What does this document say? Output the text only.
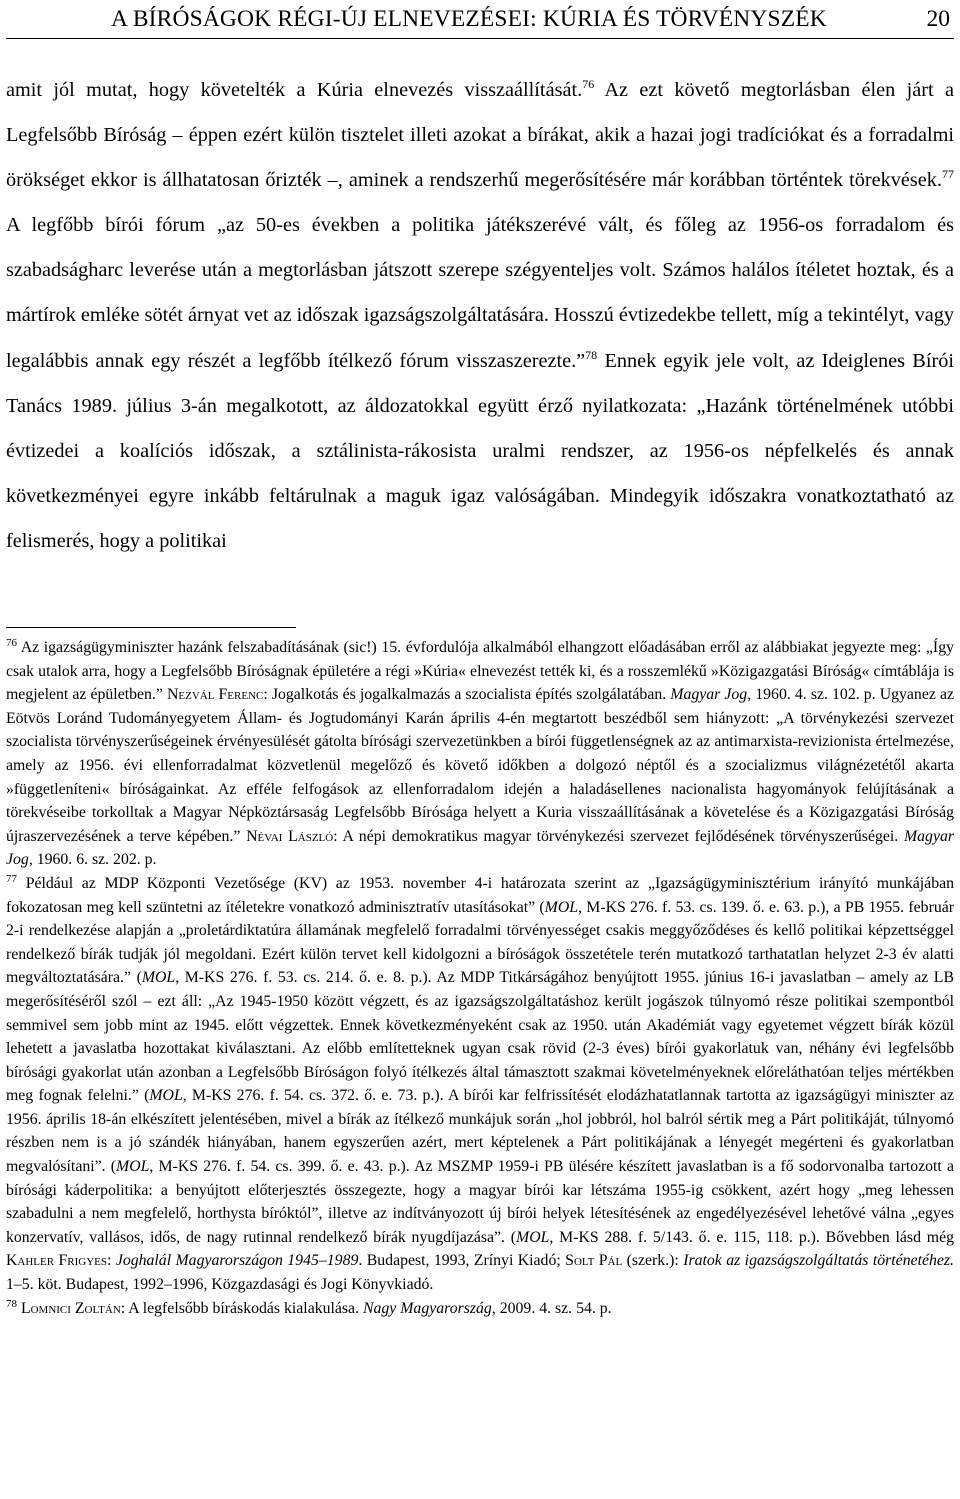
A BÍRÓSÁGOK RÉGI-ÚJ ELNEVEZÉSEI: KÚRIA ÉS TÖRVÉNYSZÉK	20

amit jól mutat, hogy követelték a Kúria elnevezés visszaállítását.$^{76}$ Az ezt követő megtorlásban élen járt a Legfelsőbb Bíróság – éppen ezért külön tisztelet illeti azokat a bírákat, akik a hazai jogi tradíciókat és a forradalmi örökséget ekkor is állhatatosan őrizték –, aminek a rendszerhű megerősítésére már korábban történtek törekvések.$^{77}$ A legfőbb bírói fórum „az 50-es években a politika játékszerévé vált, és főleg az 1956-os forradalom és szabadságharc leverése után a megtorlásban játszott szerepe szégyenteljes volt. Számos halálos ítéletet hoztak, és a mártírok emléke sötét árnyat vet az időszak igazságszolgáltatására. Hosszú évtizedekbe tellett, míg a tekintélyt, vagy legalábbis annak egy részét a legfőbb ítélkező fórum visszaszerezte.”$^{78}$ Ennek egyik jele volt, az Ideiglenes Bírói Tanács 1989. július 3-án megalkotott, az áldozatokkal együtt érző nyilatkozata: „Hazánk történelmének utóbbi évtizedei a koalíciós időszak, a sztálinista-rákosista uralmi rendszer, az 1956-os népfelkelés és annak következményei egyre inkább feltárulnak a maguk igaz valóságában. Mindegyik időszakra vonatkoztatható az felismerés, hogy a politikai

$^{76}$ Az igazságügyminiszter hazánk felszabadításának (sic!) 15. évfordulója alkalmából elhangzott előadásában erről az alábbiakat jegyezte meg: „Így csak utalok arra, hogy a Legfelsőbb Bíróságnak épületére a régi »Kúria« elnevezést tették ki, és a rosszemlékű »Közigazgatási Bíróság« címtáblája is megjelent az épületben.” Nezvál Ferenc: Jogalkotás és jogalkalmazás a szocialista építés szolgálatában. Magyar Jog, 1960. 4. sz. 102. p. Ugyanez az Eötvös Loránd Tudományegyetem Állam- és Jogtudományi Karán április 4-én megtartott beszédből sem hiányzott: „A törvénykezési szervezet szocialista törvényszerűségeinek érvényesülését gátolta bírósági szervezetünkben a bírói függetlenségnek az az antimarxista-revizionista értelmezése, amely az 1956. évi ellenforradalmat közvetlenül megelőző és követő időkben a dolgozó néptől és a szocializmus világnézetétől akarta »függetleníteni« bíróságainkat. Az efféle felfogások az ellenforradalom idején a haladásellenes nacionalista hagyományok felújításának a törekvéseibe torkolltak a Magyar Népköztársaság Legfelsőbb Bírósága helyett a Kuria visszaállításának a követelése és a Közigazgatási Bíróság újraszervezésének a terve képében.” Névai László: A népi demokratikus magyar törvénykezési szervezet fejlődésének törvényszerűségei. Magyar Jog, 1960. 6. sz. 202. p.

$^{77}$ Például az MDP Központi Vezetősége (KV) az 1953. november 4-i határozata szerint az „Igazságügyminisztérium irányító munkájában fokozatosan meg kell szüntetni az ítéletekre vonatkozó adminisztratív utasításokat” (MOL, M-KS 276. f. 53. cs. 139. ő. e. 63. p.), a PB 1955. február 2-i rendelkezése alapján a „proletárdiktatúra államának megfelelő forradalmi törvényességet csakis meggyőződéses és kellő politikai képzettséggel rendelkező bírák tudják jól megoldani. Ezért külön tervet kell kidolgozni a bíróságok összetétele terén mutatkozó tarthatatlan helyzet 2-3 év alatti megváltoztatására.” (MOL, M-KS 276. f. 53. cs. 214. ő. e. 8. p.). Az MDP Titkárságához benyújtott 1955. június 16-i javaslatban – amely az LB megerősítéséről szól – ezt áll: „Az 1945-1950 között végzett, és az igazságszolgáltatáshoz került jogászok túlnyomó része politikai szempontból semmivel sem jobb mint az 1945. előtt végzettek. Ennek következményeként csak az 1950. után Akadémiát vagy egyetemet végzett bírák közül lehetett a javaslatba hozottakat kiválasztani. Az előbb említetteknek ugyan csak rövid (2-3 éves) bírói gyakorlatuk van, néhány évi legfelsőbb bírósági gyakorlat után azonban a Legfelsőbb Bíróságon folyó ítélkezés által támasztott szakmai követelményeknek előreláthatóan teljes mértékben meg fognak felelni.” (MOL, M-KS 276. f. 54. cs. 372. ő. e. 73. p.). A bírói kar felfrissítését elodázhatatlannak tartotta az igazságügyi miniszter az 1956. április 18-án elkészített jelentésében, mivel a bírák az ítélkező munkájuk során „hol jobbról, hol balról sértik meg a Párt politikáját, túlnyomó részben nem is a jó szándék hiányában, hanem egyszerűen azért, mert képtelenek a Párt politikájának a lényegét megérteni és gyakorlatban megvalósítani”. (MOL, M-KS 276. f. 54. cs. 399. ő. e. 43. p.). Az MSZMP 1959-i PB ülésére készített javaslatban is a fő sodorvonalba tartozott a bírósági káderpolitika: a benyújtott előterjesztés összegezte, hogy a magyar bírói kar létszáma 1955-ig csökkent, azért hogy „meg lehessen szabadulni a nem megfelelő, horthysta bíróktól”, illetve az indítványozott új bírói helyek létesítésének az engedélyezésével lehetővé válna „egyes konzervatív, vallásos, idős, de nagy rutinnal rendelkező bírák nyugdíjazása”. (MOL, M-KS 288. f. 5/143. ő. e. 115, 118. p.). Bővebben lásd még Kahler Frigyes: Joghalál Magyarországon 1945–1989. Budapest, 1993, Zrínyi Kiadó; Solt Pál (szerk.): Iratok az igazságszolgáltatás történetéhez. 1–5. köt. Budapest, 1992–1996, Közgazdasági és Jogi Könyvkiadó.

$^{78}$ Lomnici Zoltán: A legfelsőbb bíráskodás kialakulása. Nagy Magyarország, 2009. 4. sz. 54. p.
